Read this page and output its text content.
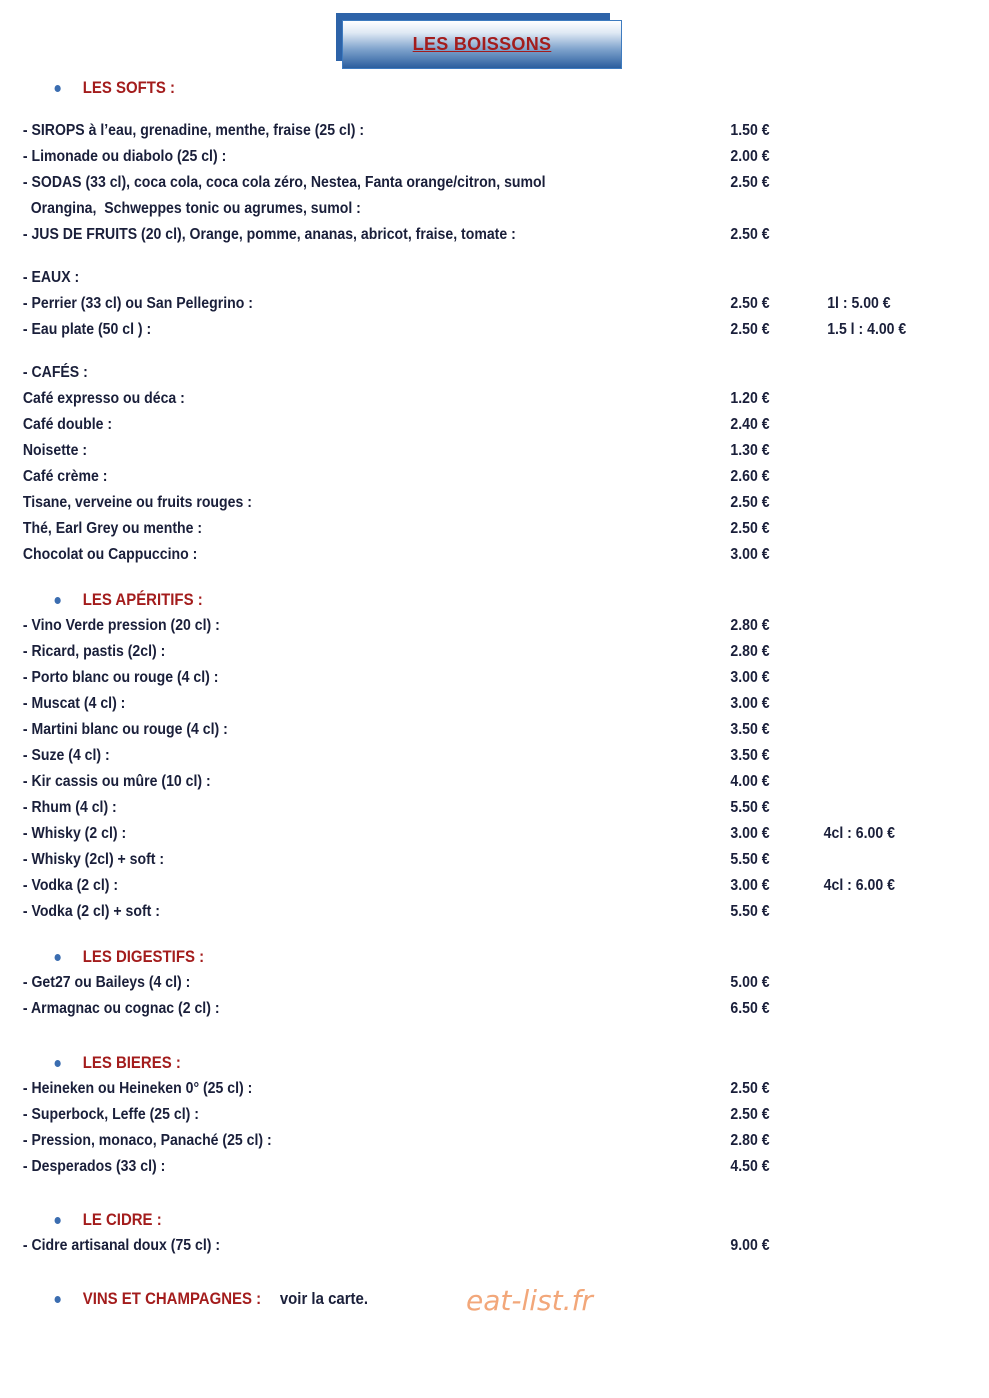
LES BOISSONS
LES SOFTS :
- SIROPS à l’eau, grenadine, menthe, fraise (25 cl) :	1.50 €
- Limonade ou diabolo (25 cl) :	2.00 €
- SODAS (33 cl), coca cola, coca cola zéro, Nestea, Fanta orange/citron, sumol	2.50 €
Orangina,  Schweppes tonic ou agrumes, sumol :
- JUS DE FRUITS (20 cl), Orange, pomme, ananas, abricot, fraise, tomate :	2.50 €
- EAUX :
- Perrier (33 cl) ou San Pellegrino :	2.50 €	1l : 5.00 €
- Eau plate (50 cl ) :	2.50 €	1.5 l : 4.00 €
- CAFÉS :
Café expresso ou déca :	1.20 €
Café double :	2.40 €
Noisette :	1.30 €
Café crème :	2.60 €
Tisane, verveine ou fruits rouges :	2.50 €
Thé, Earl Grey ou menthe :	2.50 €
Chocolat ou Cappuccino :	3.00 €
LES APÉRITIFS :
- Vino Verde pression (20 cl) :	2.80 €
- Ricard, pastis (2cl) :	2.80 €
- Porto blanc ou rouge (4 cl) :	3.00 €
- Muscat (4 cl) :	3.00 €
- Martini blanc ou rouge (4 cl) :	3.50 €
- Suze (4 cl) :	3.50 €
- Kir cassis ou mûre (10 cl) :	4.00 €
- Rhum (4 cl) :	5.50 €
- Whisky (2 cl) :	3.00 €	4cl : 6.00 €
- Whisky (2cl) + soft :	5.50 €
- Vodka (2 cl) :	3.00 €	4cl : 6.00 €
- Vodka (2 cl) + soft :	5.50 €
LES DIGESTIFS :
- Get27 ou Baileys (4 cl) :	5.00 €
- Armagnac ou cognac (2 cl) :	6.50 €
LES BIERES :
- Heineken ou Heineken 0° (25 cl) :	2.50 €
- Superbock, Leffe (25 cl) :	2.50 €
- Pression, monaco, Panaché (25 cl) :	2.80 €
- Desperados (33 cl) :	4.50 €
LE CIDRE :
- Cidre artisanal doux (75 cl) :	9.00 €
VINS ET CHAMPAGNES : voir la carte.	eat-list.fr
